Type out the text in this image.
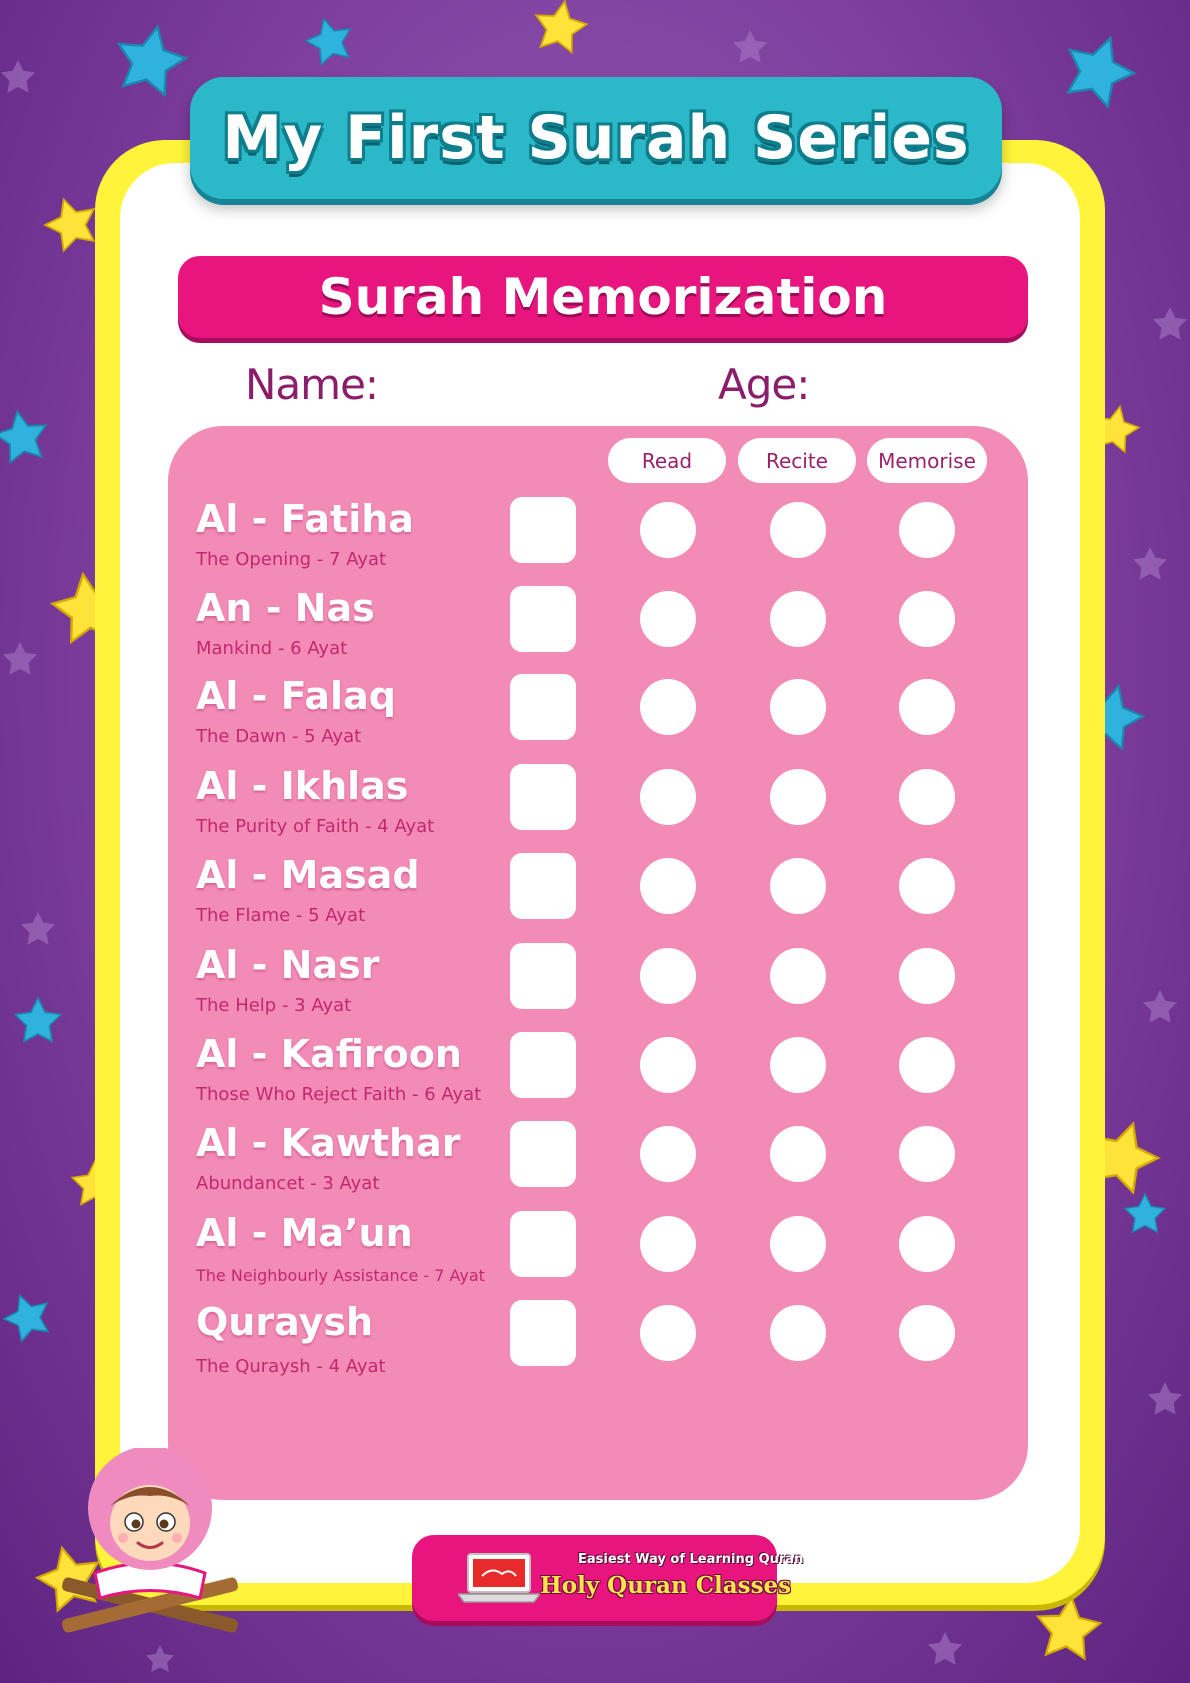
My First Surah Series
Surah Memorization
Name:	Age:
Read	Recite	Memorise
Al - Fatiha
The Opening - 7 Ayat
An - Nas
Mankind - 6 Ayat
Al - Falaq
The Dawn - 5 Ayat
Al - Ikhlas
The Purity of Faith - 4 Ayat
Al - Masad
The Flame - 5 Ayat
Al - Nasr
The Help - 3 Ayat
Al - Kafiroon
Those Who Reject Faith - 6 Ayat
Al - Kawthar
Abundancet - 3 Ayat
Al - Ma’un
The Neighbourly Assistance - 7 Ayat
Quraysh
The Quraysh - 4 Ayat
Easiest Way of Learning Quran
Holy Quran Classes
